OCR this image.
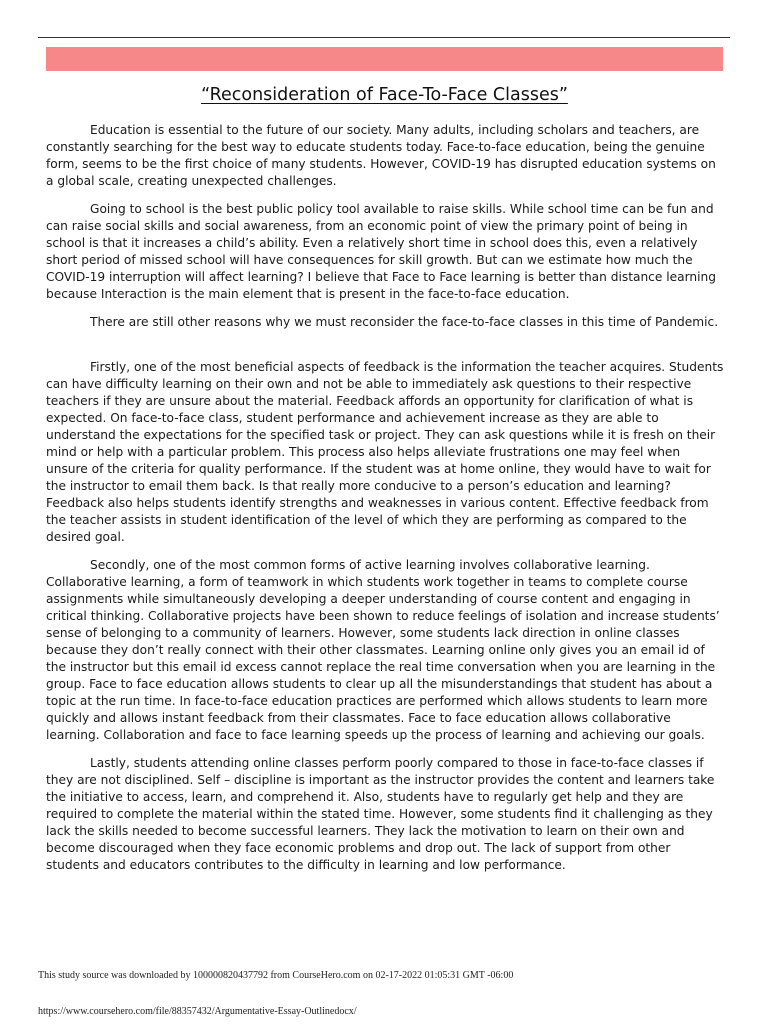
“Reconsideration of Face-To-Face Classes”

Education is essential to the future of our society. Many adults, including scholars and teachers, are constantly searching for the best way to educate students today. Face-to-face education, being the genuine form, seems to be the first choice of many students. However, COVID-19 has disrupted education systems on a global scale, creating unexpected challenges.

Going to school is the best public policy tool available to raise skills. While school time can be fun and can raise social skills and social awareness, from an economic point of view the primary point of being in school is that it increases a child’s ability. Even a relatively short time in school does this, even a relatively short period of missed school will have consequences for skill growth. But can we estimate how much the COVID-19 interruption will affect learning? I believe that Face to Face learning is better than distance learning because Interaction is the main element that is present in the face-to-face education.

There are still other reasons why we must reconsider the face-to-face classes in this time of Pandemic.

Firstly, one of the most beneficial aspects of feedback is the information the teacher acquires. Students can have difficulty learning on their own and not be able to immediately ask questions to their respective teachers if they are unsure about the material. Feedback affords an opportunity for clarification of what is expected. On face-to-face class, student performance and achievement increase as they are able to understand the expectations for the specified task or project. They can ask questions while it is fresh on their mind or help with a particular problem. This process also helps alleviate frustrations one may feel when unsure of the criteria for quality performance. If the student was at home online, they would have to wait for the instructor to email them back. Is that really more conducive to a person’s education and learning? Feedback also helps students identify strengths and weaknesses in various content. Effective feedback from the teacher assists in student identification of the level of which they are performing as compared to the desired goal.

Secondly, one of the most common forms of active learning involves collaborative learning. Collaborative learning, a form of teamwork in which students work together in teams to complete course assignments while simultaneously developing a deeper understanding of course content and engaging in critical thinking. Collaborative projects have been shown to reduce feelings of isolation and increase students’ sense of belonging to a community of learners. However, some students lack direction in online classes because they don’t really connect with their other classmates. Learning online only gives you an email id of the instructor but this email id excess cannot replace the real time conversation when you are learning in the group. Face to face education allows students to clear up all the misunderstandings that student has about a topic at the run time. In face-to-face education practices are performed which allows students to learn more quickly and allows instant feedback from their classmates. Face to face education allows collaborative learning. Collaboration and face to face learning speeds up the process of learning and achieving our goals.

Lastly, students attending online classes perform poorly compared to those in face-to-face classes if they are not disciplined. Self – discipline is important as the instructor provides the content and learners take the initiative to access, learn, and comprehend it. Also, students have to regularly get help and they are required to complete the material within the stated time. However, some students find it challenging as they lack the skills needed to become successful learners. They lack the motivation to learn on their own and become discouraged when they face economic problems and drop out. The lack of support from other students and educators contributes to the difficulty in learning and low performance.

This study source was downloaded by 100000820437792 from CourseHero.com on 02-17-2022 01:05:31 GMT -06:00
https://www.coursehero.com/file/88357432/Argumentative-Essay-Outlinedocx/
